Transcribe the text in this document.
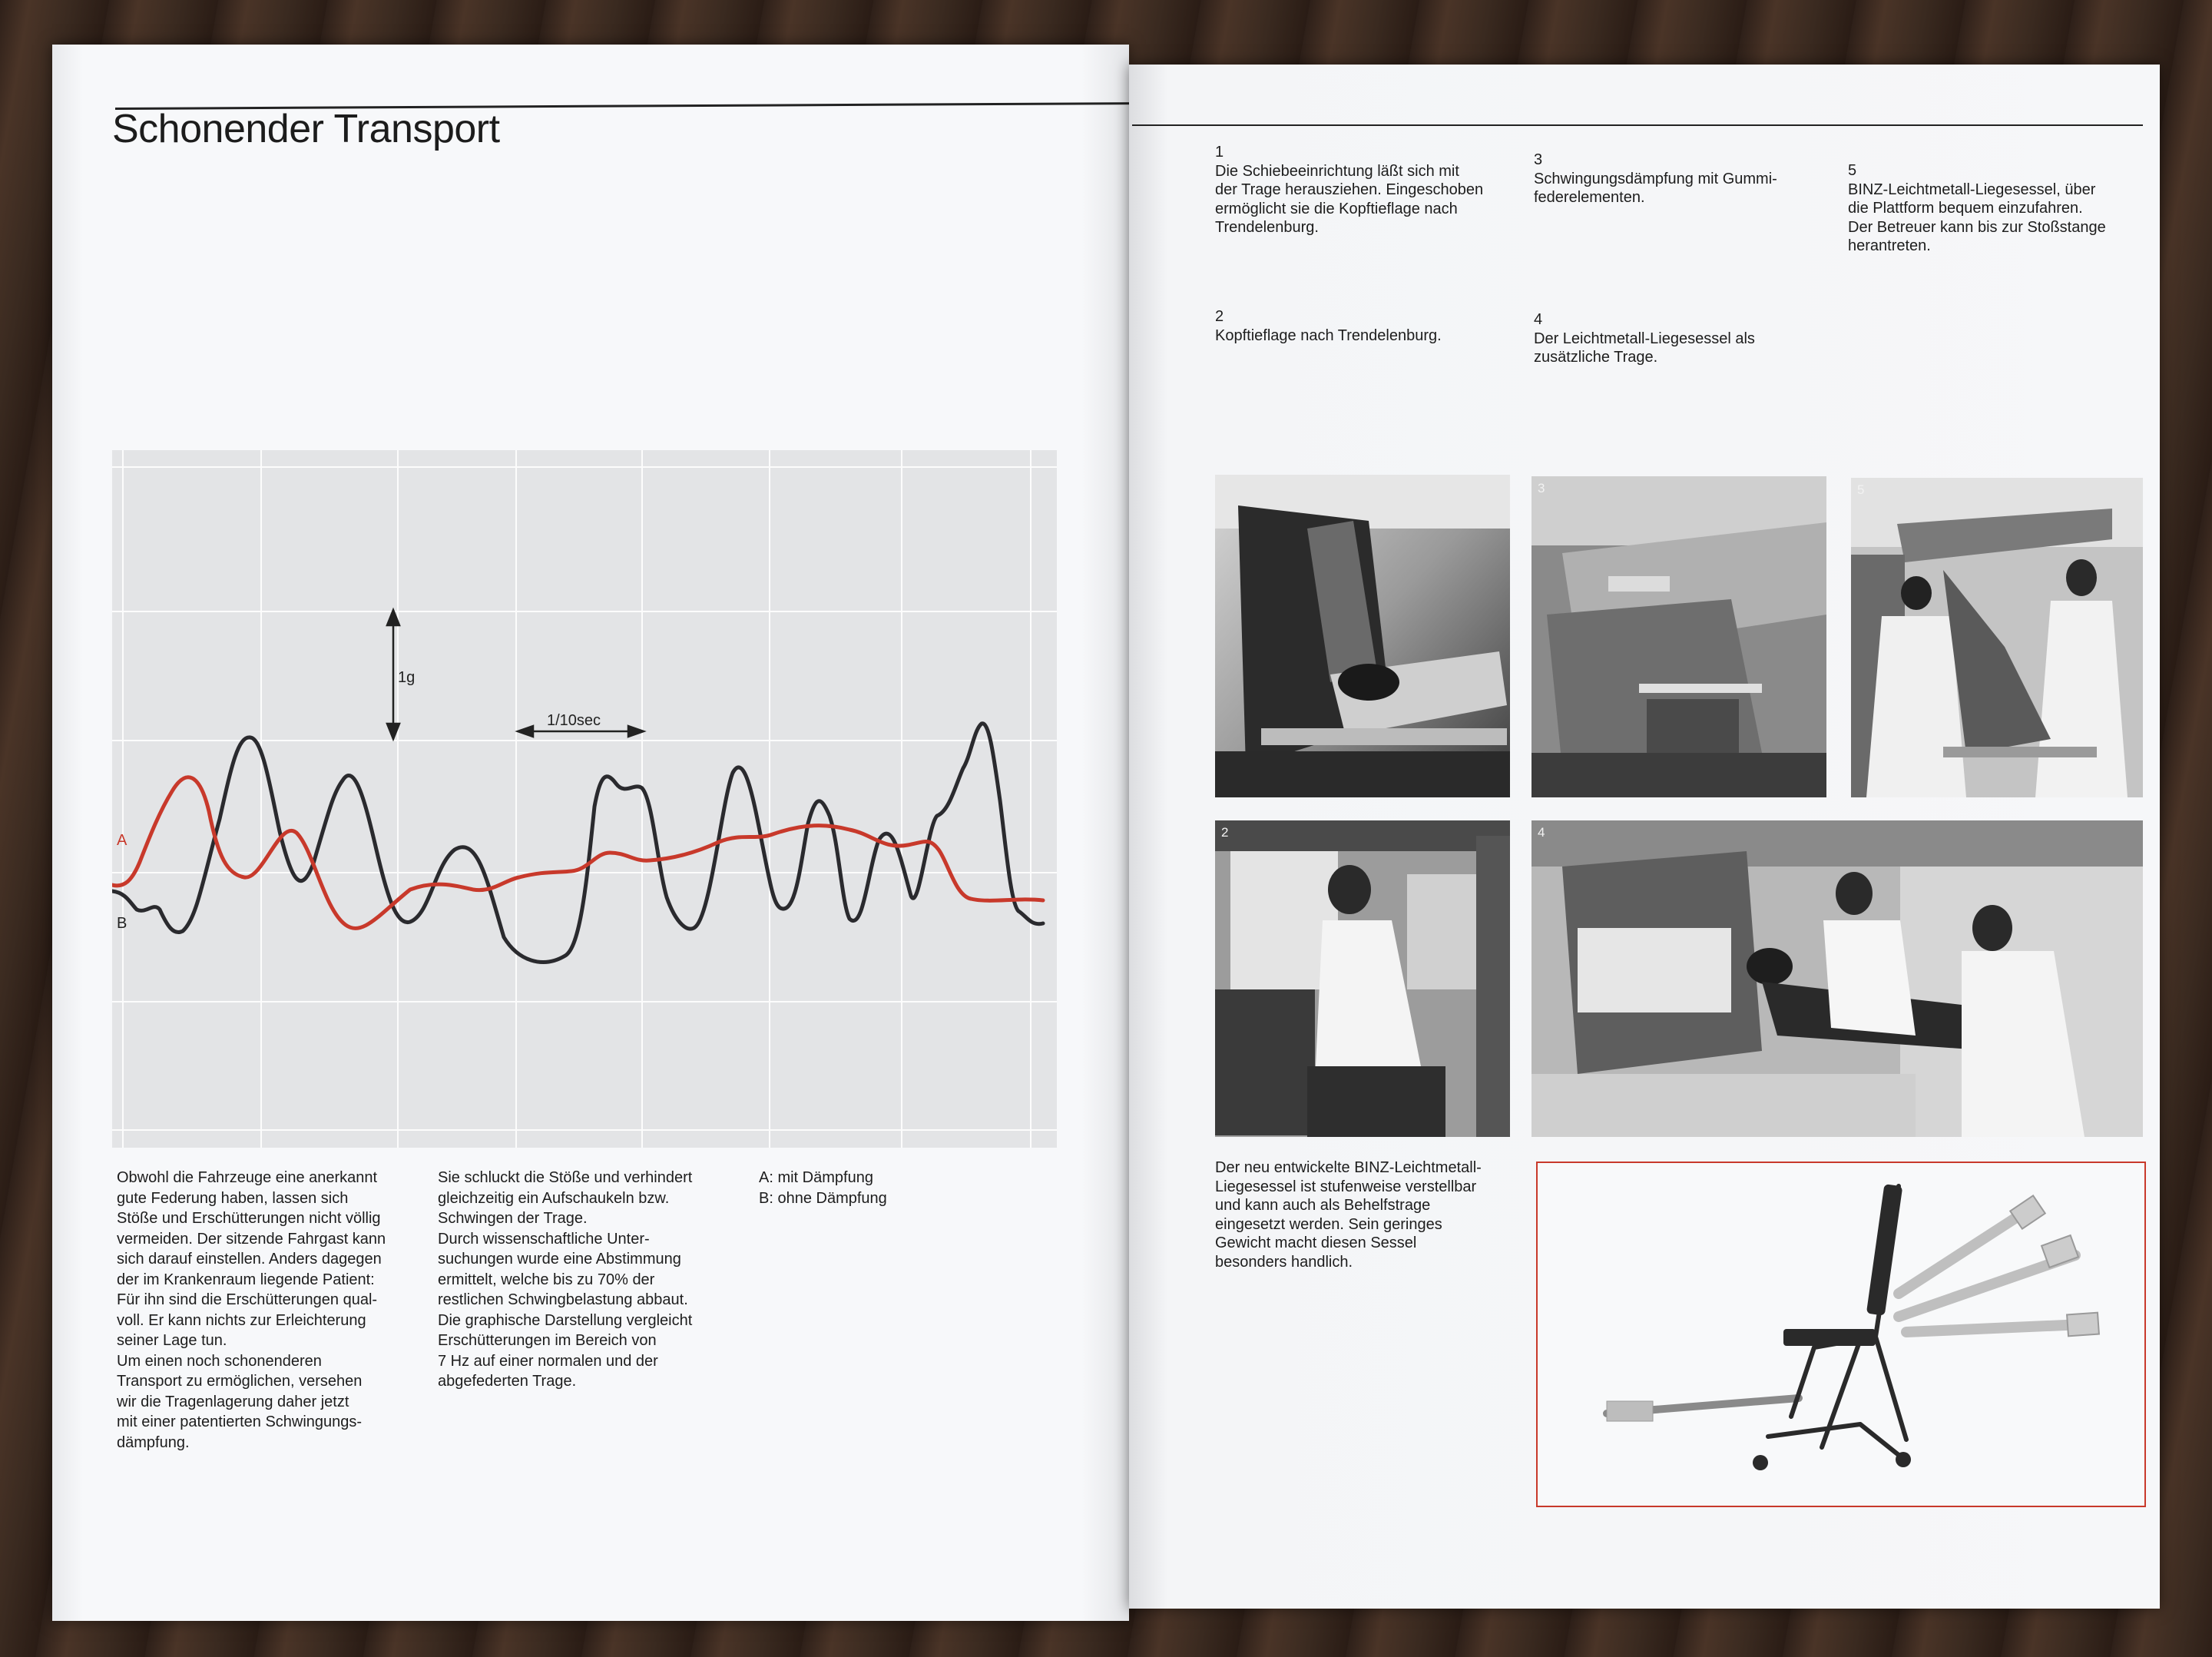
Schonender Transport
1g
1/10sec
A
B
Obwohl die Fahrzeuge eine anerkannt
gute Federung haben, lassen sich
Stöße und Erschütterungen nicht völlig
vermeiden. Der sitzende Fahrgast kann
sich darauf einstellen. Anders dagegen
der im Krankenraum liegende Patient:
Für ihn sind die Erschütterungen qual-
voll. Er kann nichts zur Erleichterung
seiner Lage tun.
Um einen noch schonenderen
Transport zu ermöglichen, versehen
wir die Tragenlagerung daher jetzt
mit einer patentierten Schwingungs-
dämpfung.
Sie schluckt die Stöße und verhindert
gleichzeitig ein Aufschaukeln bzw.
Schwingen der Trage.
Durch wissenschaftliche Unter-
suchungen wurde eine Abstimmung
ermittelt, welche bis zu 70% der
restlichen Schwingbelastung abbaut.
Die graphische Darstellung vergleicht
Erschütterungen im Bereich von
7 Hz auf einer normalen und der
abgefederten Trage.
A: mit Dämpfung
B: ohne Dämpfung
1
Die Schiebeeinrichtung läßt sich mit
der Trage herausziehen. Eingeschoben
ermöglicht sie die Kopftieflage nach
Trendelenburg.
3
Schwingungsdämpfung mit Gummi-
federelementen.
5
BINZ-Leichtmetall-Liegesessel, über
die Plattform bequem einzufahren.
Der Betreuer kann bis zur Stoßstange
herantreten.
2
Kopftieflage nach Trendelenburg.
4
Der Leichtmetall-Liegesessel als
zusätzliche Trage.
3	5
2	4
Der neu entwickelte BINZ-Leichtmetall-
Liegesessel ist stufenweise verstellbar
und kann auch als Behelfstrage
eingesetzt werden. Sein geringes
Gewicht macht diesen Sessel
besonders handlich.
